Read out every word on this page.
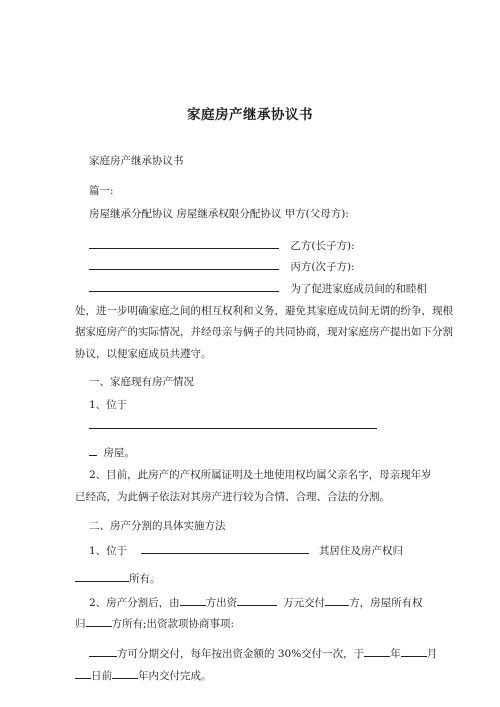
家庭房产继承协议书
家庭房产继承协议书
篇一:
房屋继承分配协议 房屋继承权限分配协议 甲方(父母方):
乙方(长子方):
丙方(次子方):
为了促进家庭成员间的和睦相
处，进一步明确家庭之间的相互权利和义务，避免其家庭成员间无谓的纷争，现根
据家庭房产的实际情况，并经母亲与俩子的共同协商，现对家庭房产提出如下分割
协议，以便家庭成员共遵守。
一、家庭现有房产情况
1、位于
房屋。
2、目前，此房产的产权所属证明及土地使用权均属父亲名字，母亲现年岁
已经高，为此俩子依法对其房产进行较为合情、合理、合法的分割。
二、房产分割的具体实施方法
1、位于	其居住及房产权归
所有。
2、房产分割后，由 方出资	万元交付 方，房屋所有权
归 方所有;出资款项协商事项:
方可分期交付，每年按出资金额的 30%交付一次，于 年 月
日前 年内交付完成。
